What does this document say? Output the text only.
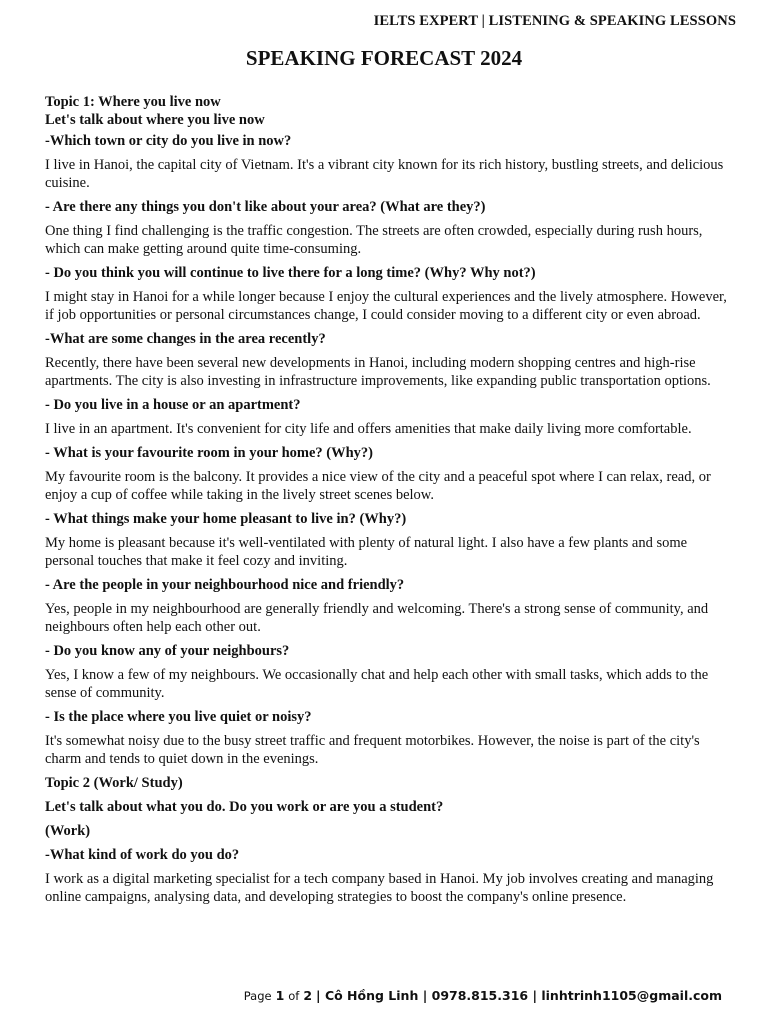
IELTS EXPERT | LISTENING & SPEAKING LESSONS
SPEAKING FORECAST 2024
Topic 1: Where you live now
Let's talk about where you live now
-Which town or city do you live in now?
I live in Hanoi, the capital city of Vietnam. It's a vibrant city known for its rich history, bustling streets, and delicious cuisine.
- Are there any things you don't like about your area? (What are they?)
One thing I find challenging is the traffic congestion. The streets are often crowded, especially during rush hours, which can make getting around quite time-consuming.
- Do you think you will continue to live there for a long time? (Why? Why not?)
I might stay in Hanoi for a while longer because I enjoy the cultural experiences and the lively atmosphere. However, if job opportunities or personal circumstances change, I could consider moving to a different city or even abroad.
-What are some changes in the area recently?
Recently, there have been several new developments in Hanoi, including modern shopping centres and high-rise apartments. The city is also investing in infrastructure improvements, like expanding public transportation options.
- Do you live in a house or an apartment?
I live in an apartment. It's convenient for city life and offers amenities that make daily living more comfortable.
- What is your favourite room in your home? (Why?)
My favourite room is the balcony. It provides a nice view of the city and a peaceful spot where I can relax, read, or enjoy a cup of coffee while taking in the lively street scenes below.
- What things make your home pleasant to live in? (Why?)
My home is pleasant because it's well-ventilated with plenty of natural light. I also have a few plants and some personal touches that make it feel cozy and inviting.
- Are the people in your neighbourhood nice and friendly?
Yes, people in my neighbourhood are generally friendly and welcoming. There's a strong sense of community, and neighbours often help each other out.
- Do you know any of your neighbours?
Yes, I know a few of my neighbours. We occasionally chat and help each other with small tasks, which adds to the sense of community.
- Is the place where you live quiet or noisy?
It's somewhat noisy due to the busy street traffic and frequent motorbikes. However, the noise is part of the city's charm and tends to quiet down in the evenings.
Topic 2 (Work/ Study)
Let's talk about what you do. Do you work or are you a student?
(Work)
-What kind of work do you do?
I work as a digital marketing specialist for a tech company based in Hanoi. My job involves creating and managing online campaigns, analysing data, and developing strategies to boost the company's online presence.
Page 1 of 2 | Cô Hồng Linh | 0978.815.316 | linhtrinh1105@gmail.com
